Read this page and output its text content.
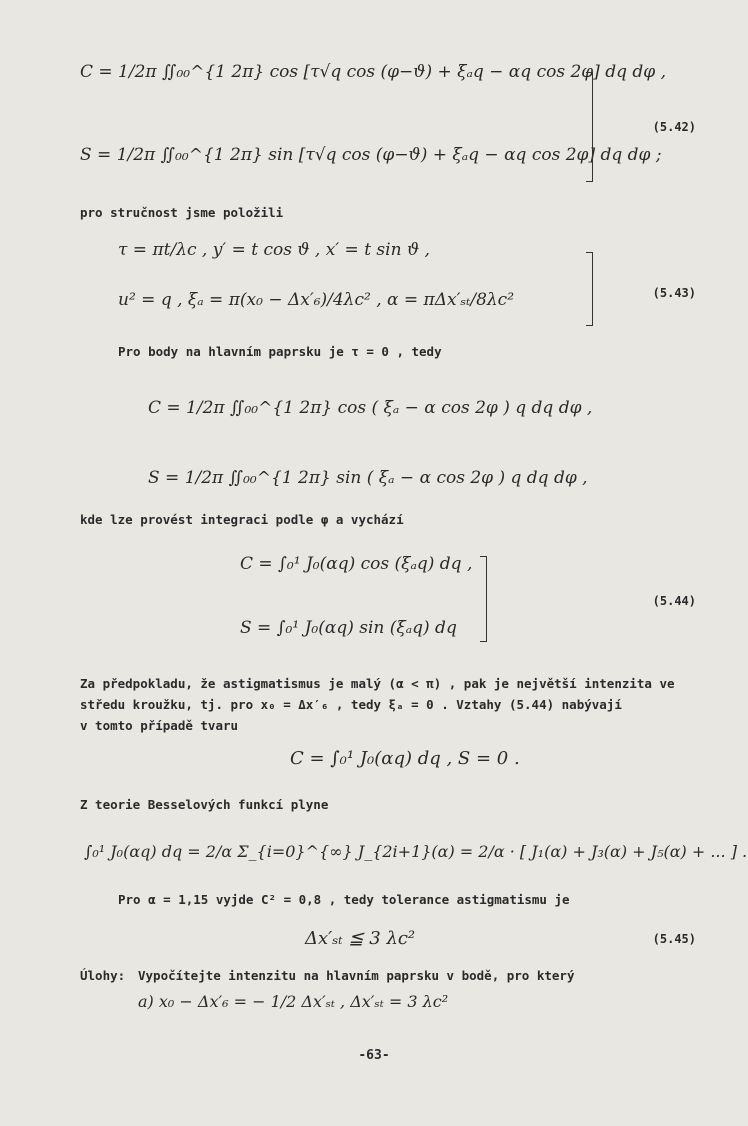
C = 1/2π ∬₀₀^{1 2π} cos [τ√q cos (φ−ϑ) + ξₐq − αq cos 2φ] dq dφ ,
S = 1/2π ∬₀₀^{1 2π} sin [τ√q cos (φ−ϑ) + ξₐq − αq cos 2φ] dq dφ ;
(5.42)
pro stručnost jsme položili
τ = πt/λc , y′ = t cos ϑ , x′ = t sin ϑ ,
u² = q , ξₐ = π(x₀ − Δx′₆)/4λc² , α = πΔx′ₛₜ/8λc²	(5.43)
Pro body na hlavním paprsku je τ = 0 , tedy
C = 1/2π ∬₀₀^{1 2π} cos ( ξₐ − α cos 2φ ) q dq dφ ,
S = 1/2π ∬₀₀^{1 2π} sin ( ξₐ − α cos 2φ ) q dq dφ ,
kde lze provést integraci podle φ a vychází
C = ∫₀¹ J₀(αq) cos (ξₐq) dq ,
S = ∫₀¹ J₀(αq) sin (ξₐq) dq
(5.44)
Za předpokladu, že astigmatismus je malý (α < π) , pak je největší intenzita ve
středu kroužku, tj. pro x₀ = Δx′₆ , tedy ξₐ = 0 . Vztahy (5.44) nabývají
v tomto případě tvaru
C = ∫₀¹ J₀(αq) dq , S = 0 .
Z teorie Besselových funkcí plyne
∫₀¹ J₀(αq) dq = 2/α Σ_{i=0}^{∞} J_{2i+1}(α) = 2/α · [ J₁(α) + J₃(α) + J₅(α) + ... ] .
Pro α = 1,15 vyjde C² = 0,8 , tedy tolerance astigmatismu je
Δx′ₛₜ ≦ 3 λc²	(5.45)
Úlohy: Vypočítejte intenzitu na hlavním paprsku v bodě, pro který
a) x₀ − Δx′₆ = − 1/2 Δx′ₛₜ , Δx′ₛₜ = 3 λc²
-63-
